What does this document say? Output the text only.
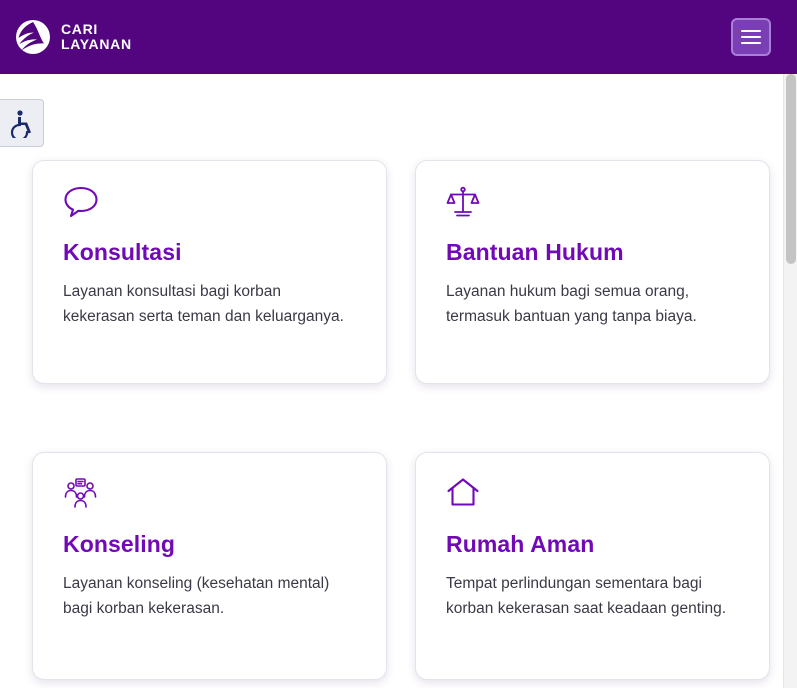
CARI
LAYANAN
Konsultasi
Layanan konsultasi bagi korban kekerasan serta teman dan keluarganya.
Bantuan Hukum
Layanan hukum bagi semua orang, termasuk bantuan yang tanpa biaya.
Konseling
Layanan konseling (kesehatan mental) bagi korban kekerasan.
Rumah Aman
Tempat perlindungan sementara bagi korban kekerasan saat keadaan genting.
